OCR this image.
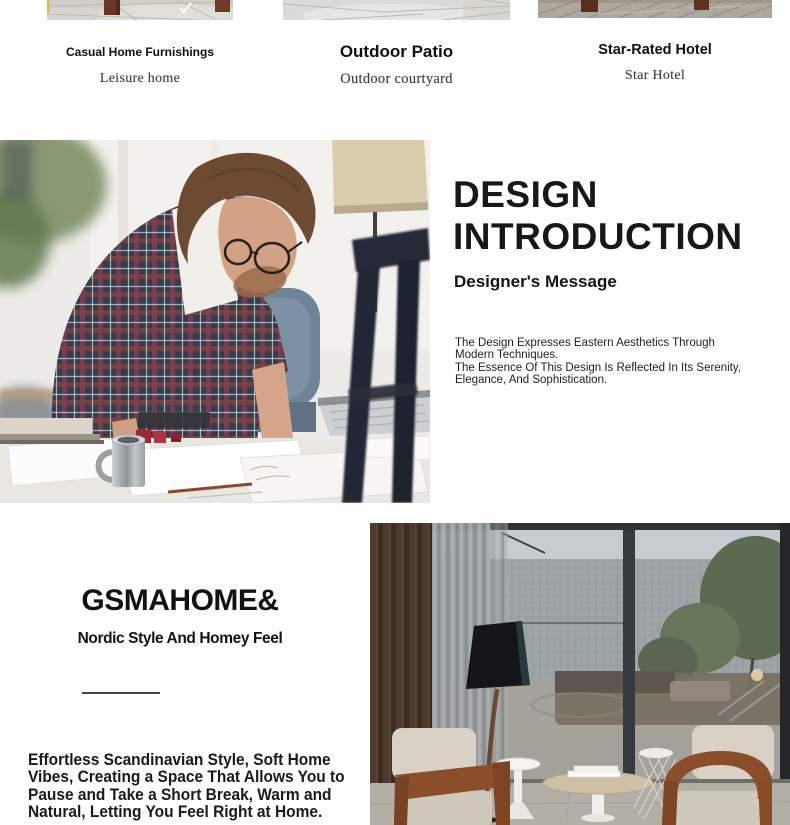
Casual Home Furnishings
Leisure home
Outdoor Patio
Outdoor courtyard
Star-Rated Hotel
Star Hotel
DESIGN
INTRODUCTION
Designer's Message
The Design Expresses Eastern Aesthetics Through
Modern Techniques.
The Essence Of This Design Is Reflected In Its Serenity,
Elegance, And Sophistication.
GSMAHOME&
Nordic Style And Homey Feel
Effortless Scandinavian Style, Soft Home
Vibes, Creating a Space That Allows You to
Pause and Take a Short Break, Warm and
Natural, Letting You Feel Right at Home.
